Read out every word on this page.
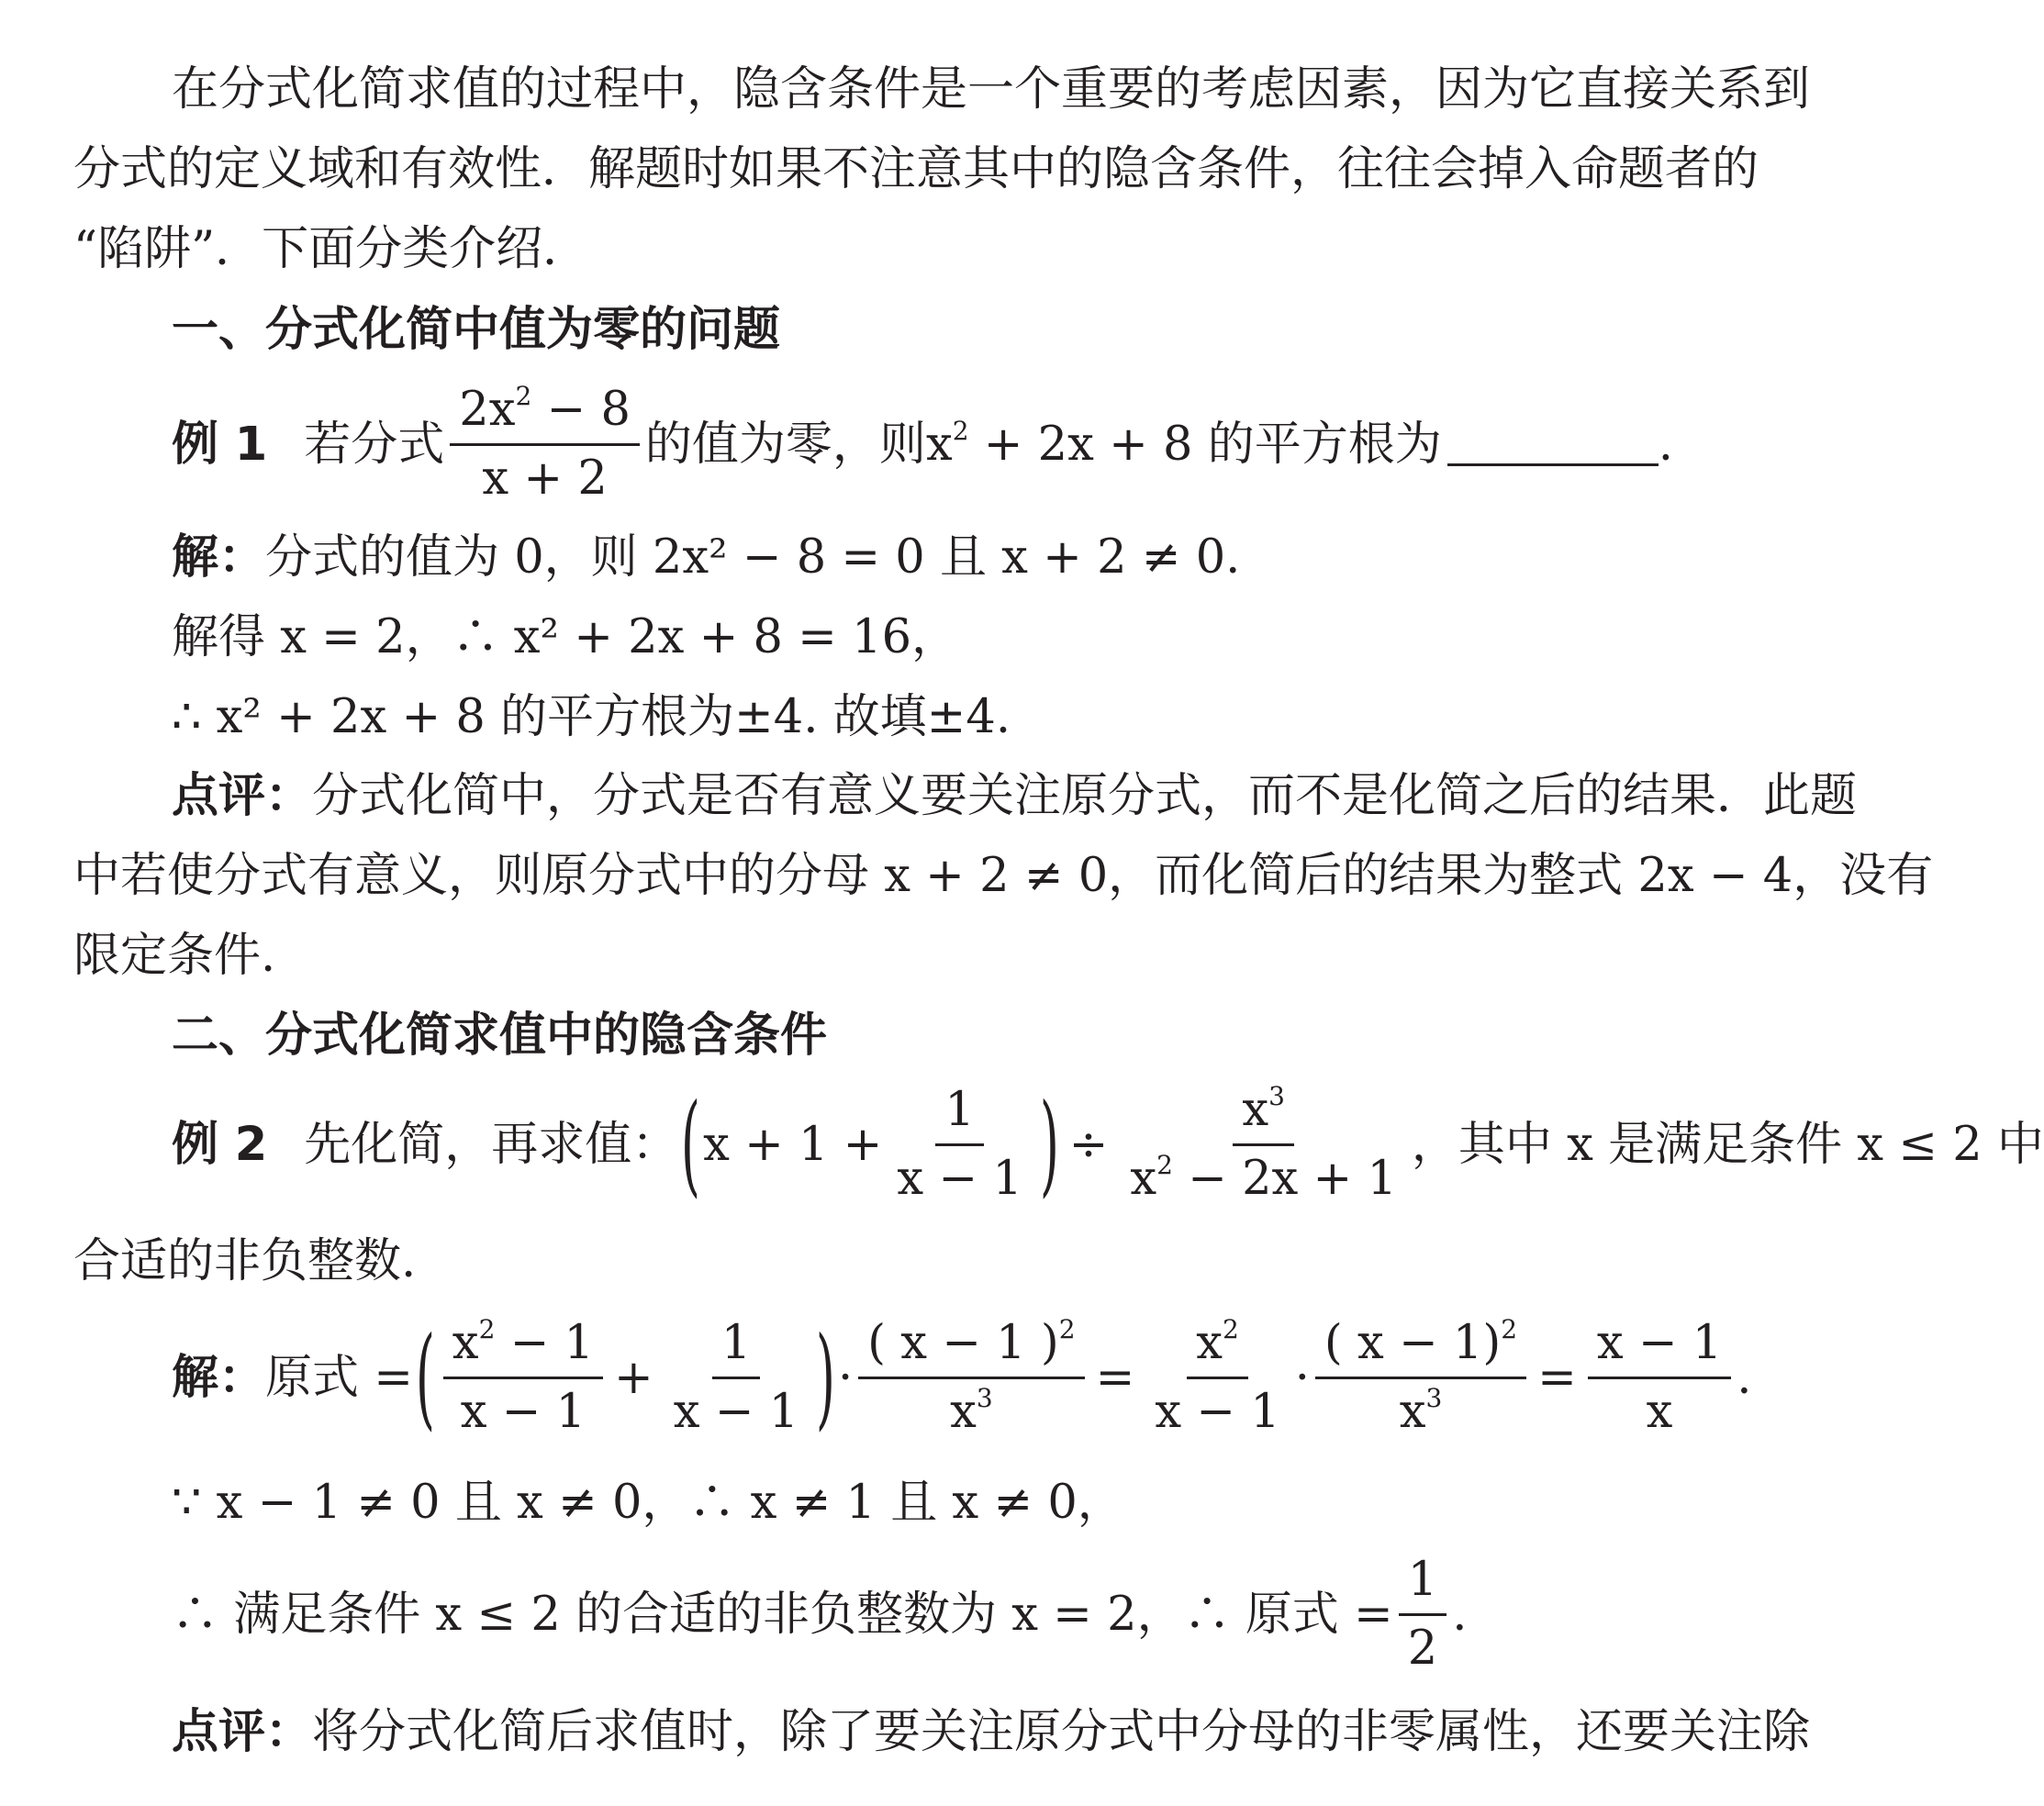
在分式化简求值的过程中，隐含条件是一个重要的考虑因素，因为它直接关系到
分式的定义域和有效性．解题时如果不注意其中的隐含条件，往往会掉入命题者的
“陷阱”．下面分类介绍．
一、分式化简中值为零的问题
例 1 若分式 $\frac{2x^2 - 8}{x + 2}$ 的值为零，则 $x^2 + 2x + 8$ 的平方根为	.
解：分式的值为 0，则 2x² − 8 = 0 且 x + 2 ≠ 0.
解得 x = 2，∴ x² + 2x + 8 = 16，
∴ x² + 2x + 8 的平方根为±4. 故填±4.
点评：分式化简中，分式是否有意义要关注原分式，而不是化简之后的结果．此题
中若使分式有意义，则原分式中的分母 x + 2 ≠ 0，而化简后的结果为整式 2x − 4，没有
限定条件.
二、分式化简求值中的隐含条件
例 2 先化简，再求值： ( $x + 1 + \frac{1}{x - 1}$ ) ÷ $\frac{x^3}{x^2 - 2x + 1}$ ，其中 x 是满足条件 x ≤ 2 中
合适的非负整数.
解： 原式 = ( $\frac{x^2 - 1}{x - 1} + \frac{1}{x - 1}$ ) · $\frac{( x - 1 )^2}{x^3} = \frac{x^2}{x - 1} \cdot \frac{( x - 1)^2}{x^3} = \frac{x - 1}{x}$ .
∵ x − 1 ≠ 0 且 x ≠ 0，∴ x ≠ 1 且 x ≠ 0，
∴ 满足条件 x ≤ 2 的合适的非负整数为 x = 2，∴ 原式 = $\frac{1}{2}$ .
点评：将分式化简后求值时，除了要关注原分式中分母的非零属性，还要关注除
